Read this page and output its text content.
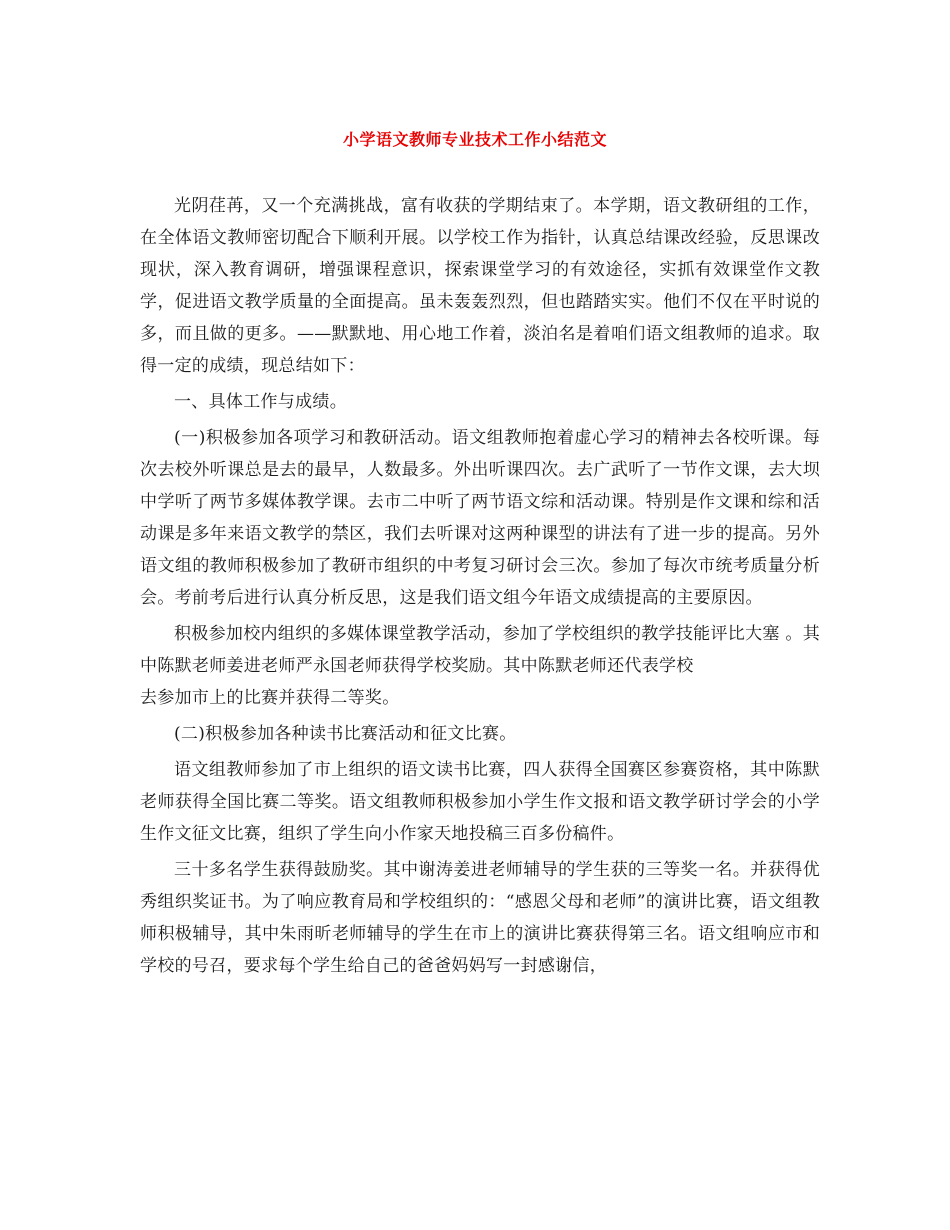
小学语文教师专业技术工作小结范文

光阴荏苒，又一个充满挑战，富有收获的学期结束了。本学期，语文教研组的工作，在全体语文教师密切配合下顺利开展。以学校工作为指针，认真总结课改经验，反思课改现状，深入教育调研，增强课程意识，探索课堂学习的有效途径，实抓有效课堂作文教学，促进语文教学质量的全面提高。虽未轰轰烈烈，但也踏踏实实。他们不仅在平时说的多，而且做的更多。——默默地、用心地工作着，淡泊名是着咱们语文组教师的追求。取得一定的成绩，现总结如下：

一、具体工作与成绩。

(一)积极参加各项学习和教研活动。语文组教师抱着虚心学习的精神去各校听课。每次去校外听课总是去的最早，人数最多。外出听课四次。去广武听了一节作文课，去大坝中学听了两节多媒体教学课。去市二中听了两节语文综和活动课。特别是作文课和综和活动课是多年来语文教学的禁区，我们去听课对这两种课型的讲法有了进一步的提高。另外语文组的教师积极参加了教研市组织的中考复习研讨会三次。参加了每次市统考质量分析会。考前考后进行认真分析反思，这是我们语文组今年语文成绩提高的主要原因。

积极参加校内组织的多媒体课堂教学活动，参加了学校组织的教学技能评比大塞 。其中陈默老师姜进老师严永国老师获得学校奖励。其中陈默老师还代表学校

去参加市上的比赛并获得二等奖。

(二)积极参加各种读书比赛活动和征文比赛。

语文组教师参加了市上组织的语文读书比赛，四人获得全国赛区参赛资格，其中陈默老师获得全国比赛二等奖。语文组教师积极参加小学生作文报和语文教学研讨学会的小学生作文征文比赛，组织了学生向小作家天地投稿三百多份稿件。

三十多名学生获得鼓励奖。其中谢涛姜进老师辅导的学生获的三等奖一名。并获得优秀组织奖证书。为了响应教育局和学校组织的：“感恩父母和老师”的演讲比赛，语文组教师积极辅导，其中朱雨昕老师辅导的学生在市上的演讲比赛获得第三名。语文组响应市和学校的号召，要求每个学生给自己的爸爸妈妈写一封感谢信，
